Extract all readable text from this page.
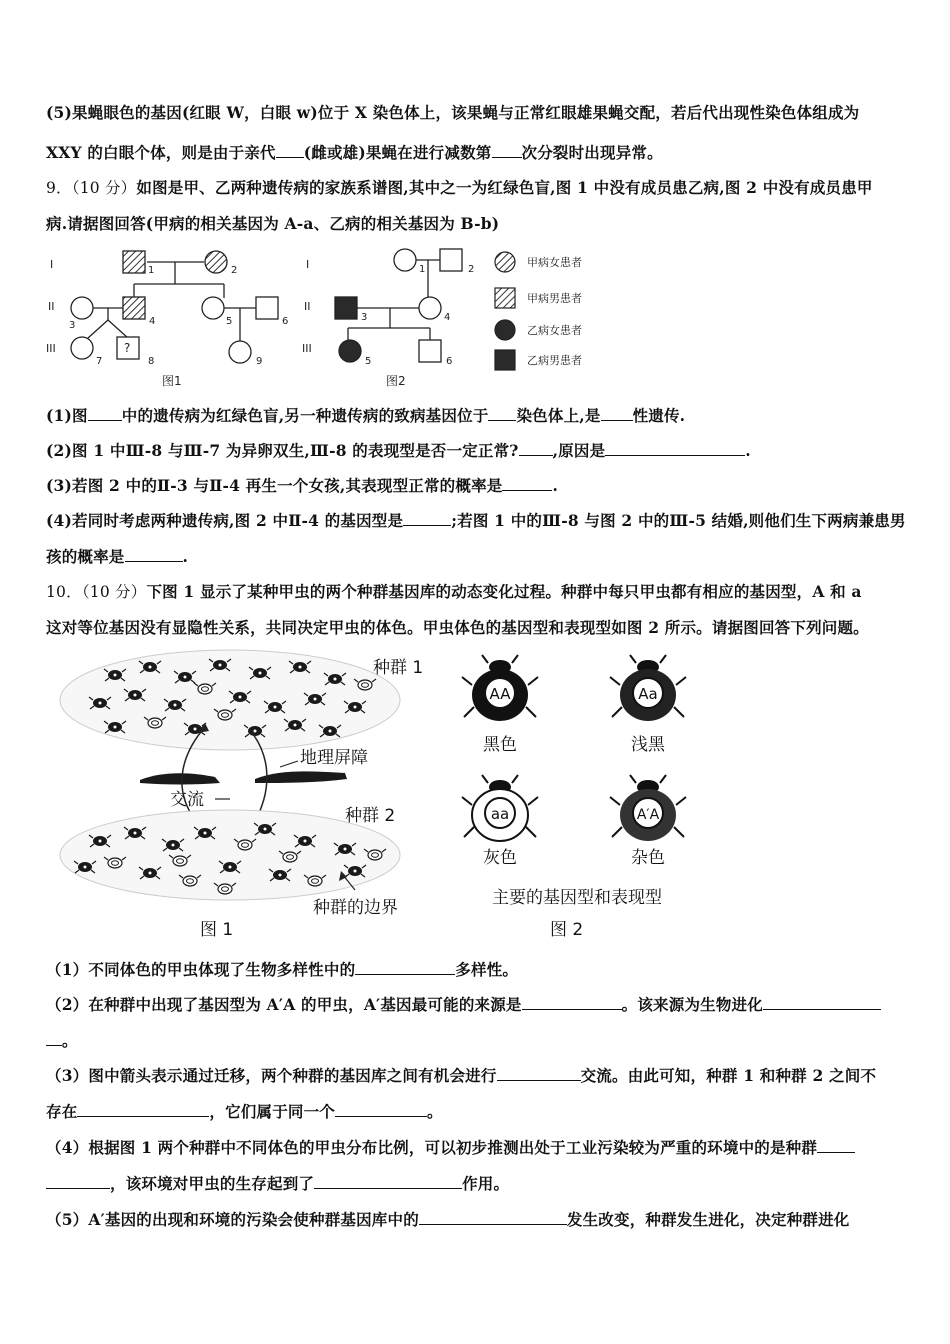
(5)果蝇眼色的基因(红眼 W，白眼 w)位于 X 染色体上，该果蝇与正常红眼雄果蝇交配，若后代出现性染色体组成为
XXY 的白眼个体，则是由于亲代 (雌或雄)果蝇在进行减数第 次分裂时出现异常。
9．（10 分）如图是甲、乙两种遗传病的家族系谱图,其中之一为红绿色盲,图 1 中没有成员患乙病,图 2 中没有成员患甲
病.请据图回答(甲病的相关基因为 A-a、乙病的相关基因为 B-b)
I
II
III
I
II
III
1	2
3	4	5	6
7	8	9
?
图1
1	2
3	4
5	6
图2
甲病女患者
甲病男患者
乙病女患者
乙病男患者
(1)图 中的遗传病为红绿色盲,另一种遗传病的致病基因位于 染色体上,是 性遗传.
(2)图 1 中Ⅲ-8 与Ⅲ-7 为异卵双生,Ⅲ-8 的表现型是否一定正常? ,原因是	.
(3)若图 2 中的Ⅱ-3 与Ⅱ-4 再生一个女孩,其表现型正常的概率是	.
(4)若同时考虑两种遗传病,图 2 中Ⅱ-4 的基因型是	;若图 1 中的Ⅲ-8 与图 2 中的Ⅲ-5 结婚,则他们生下两病兼患男
孩的概率是	.
10．（10 分）下图 1 显示了某种甲虫的两个种群基因库的动态变化过程。种群中每只甲虫都有相应的基因型，A 和 a
这对等位基因没有显隐性关系，共同决定甲虫的体色。甲虫体色的基因型和表现型如图 2 所示。请据图回答下列问题。
交流
地理屏障
种群 1
种群 2
种群的边界
图 1
AA
黑色
Aa
浅黑
aa
灰色
A′A
杂色
主要的基因型和表现型
图 2
（1）不同体色的甲虫体现了生物多样性中的	多样性。
（2）在种群中出现了基因型为 A′A 的甲虫，A′基因最可能的来源是	。该来源为生物进化
。
（3）图中箭头表示通过迁移，两个种群的基因库之间有机会进行	交流。由此可知，种群 1 和种群 2 之间不
存在	，它们属于同一个	。
（4）根据图 1 两个种群中不同体色的甲虫分布比例，可以初步推测出处于工业污染较为严重的环境中的是种群
，该环境对甲虫的生存起到了	作用。
（5）A′基因的出现和环境的污染会使种群基因库中的	发生改变，种群发生进化，决定种群进化
